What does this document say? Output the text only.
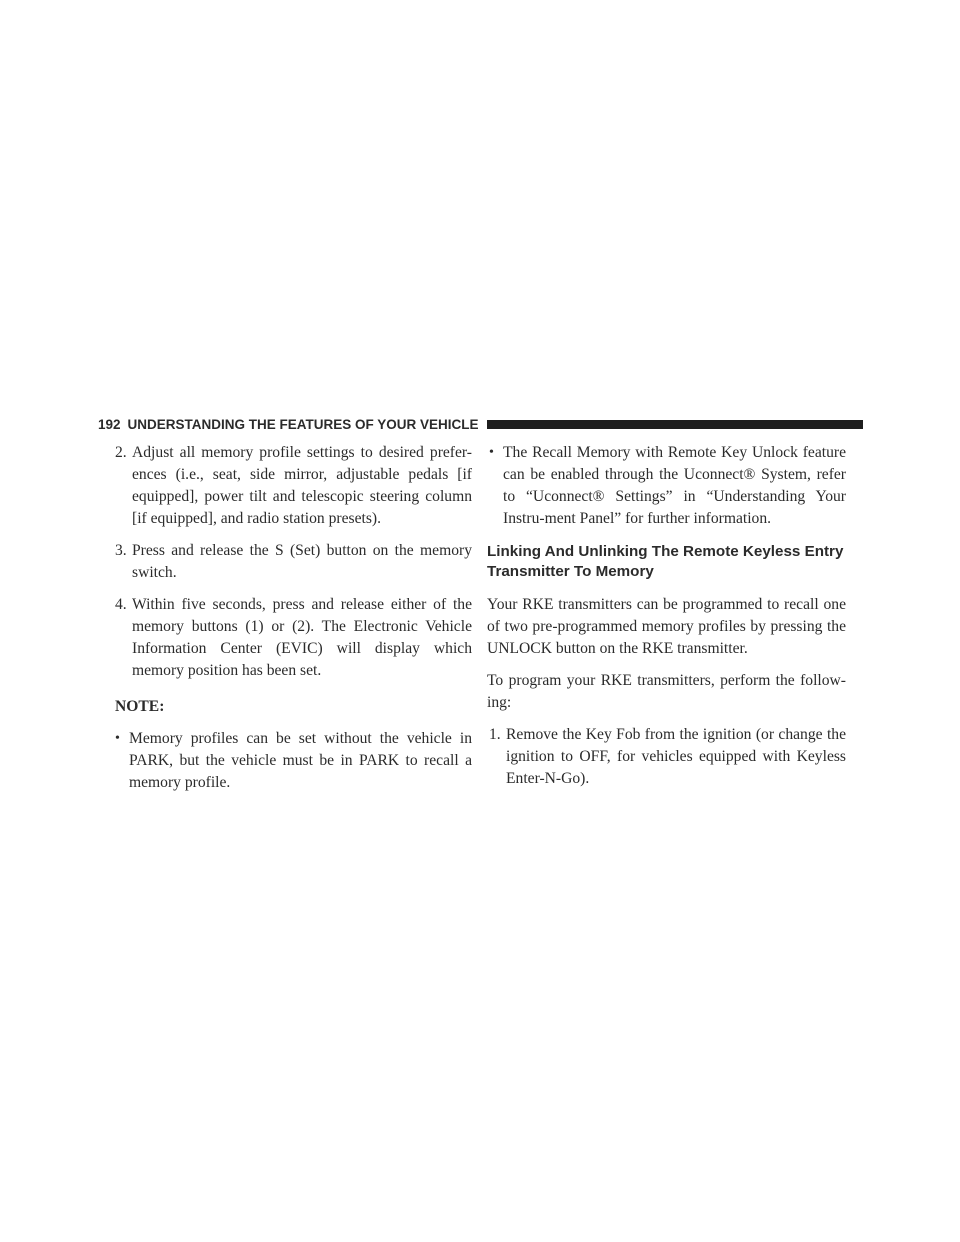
192 UNDERSTANDING THE FEATURES OF YOUR VEHICLE
2. Adjust all memory profile settings to desired prefer-ences (i.e., seat, side mirror, adjustable pedals [if equipped], power tilt and telescopic steering column [if equipped], and radio station presets).
3. Press and release the S (Set) button on the memory switch.
4. Within five seconds, press and release either of the memory buttons (1) or (2). The Electronic Vehicle Information Center (EVIC) will display which memory position has been set.
NOTE:
• Memory profiles can be set without the vehicle in PARK, but the vehicle must be in PARK to recall a memory profile.
• The Recall Memory with Remote Key Unlock feature can be enabled through the Uconnect® System, refer to “Uconnect® Settings” in “Understanding Your Instru-ment Panel” for further information.
Linking And Unlinking The Remote Keyless Entry Transmitter To Memory
Your RKE transmitters can be programmed to recall one of two pre-programmed memory profiles by pressing the UNLOCK button on the RKE transmitter.
To program your RKE transmitters, perform the follow-ing:
1. Remove the Key Fob from the ignition (or change the ignition to OFF, for vehicles equipped with Keyless Enter-N-Go).
